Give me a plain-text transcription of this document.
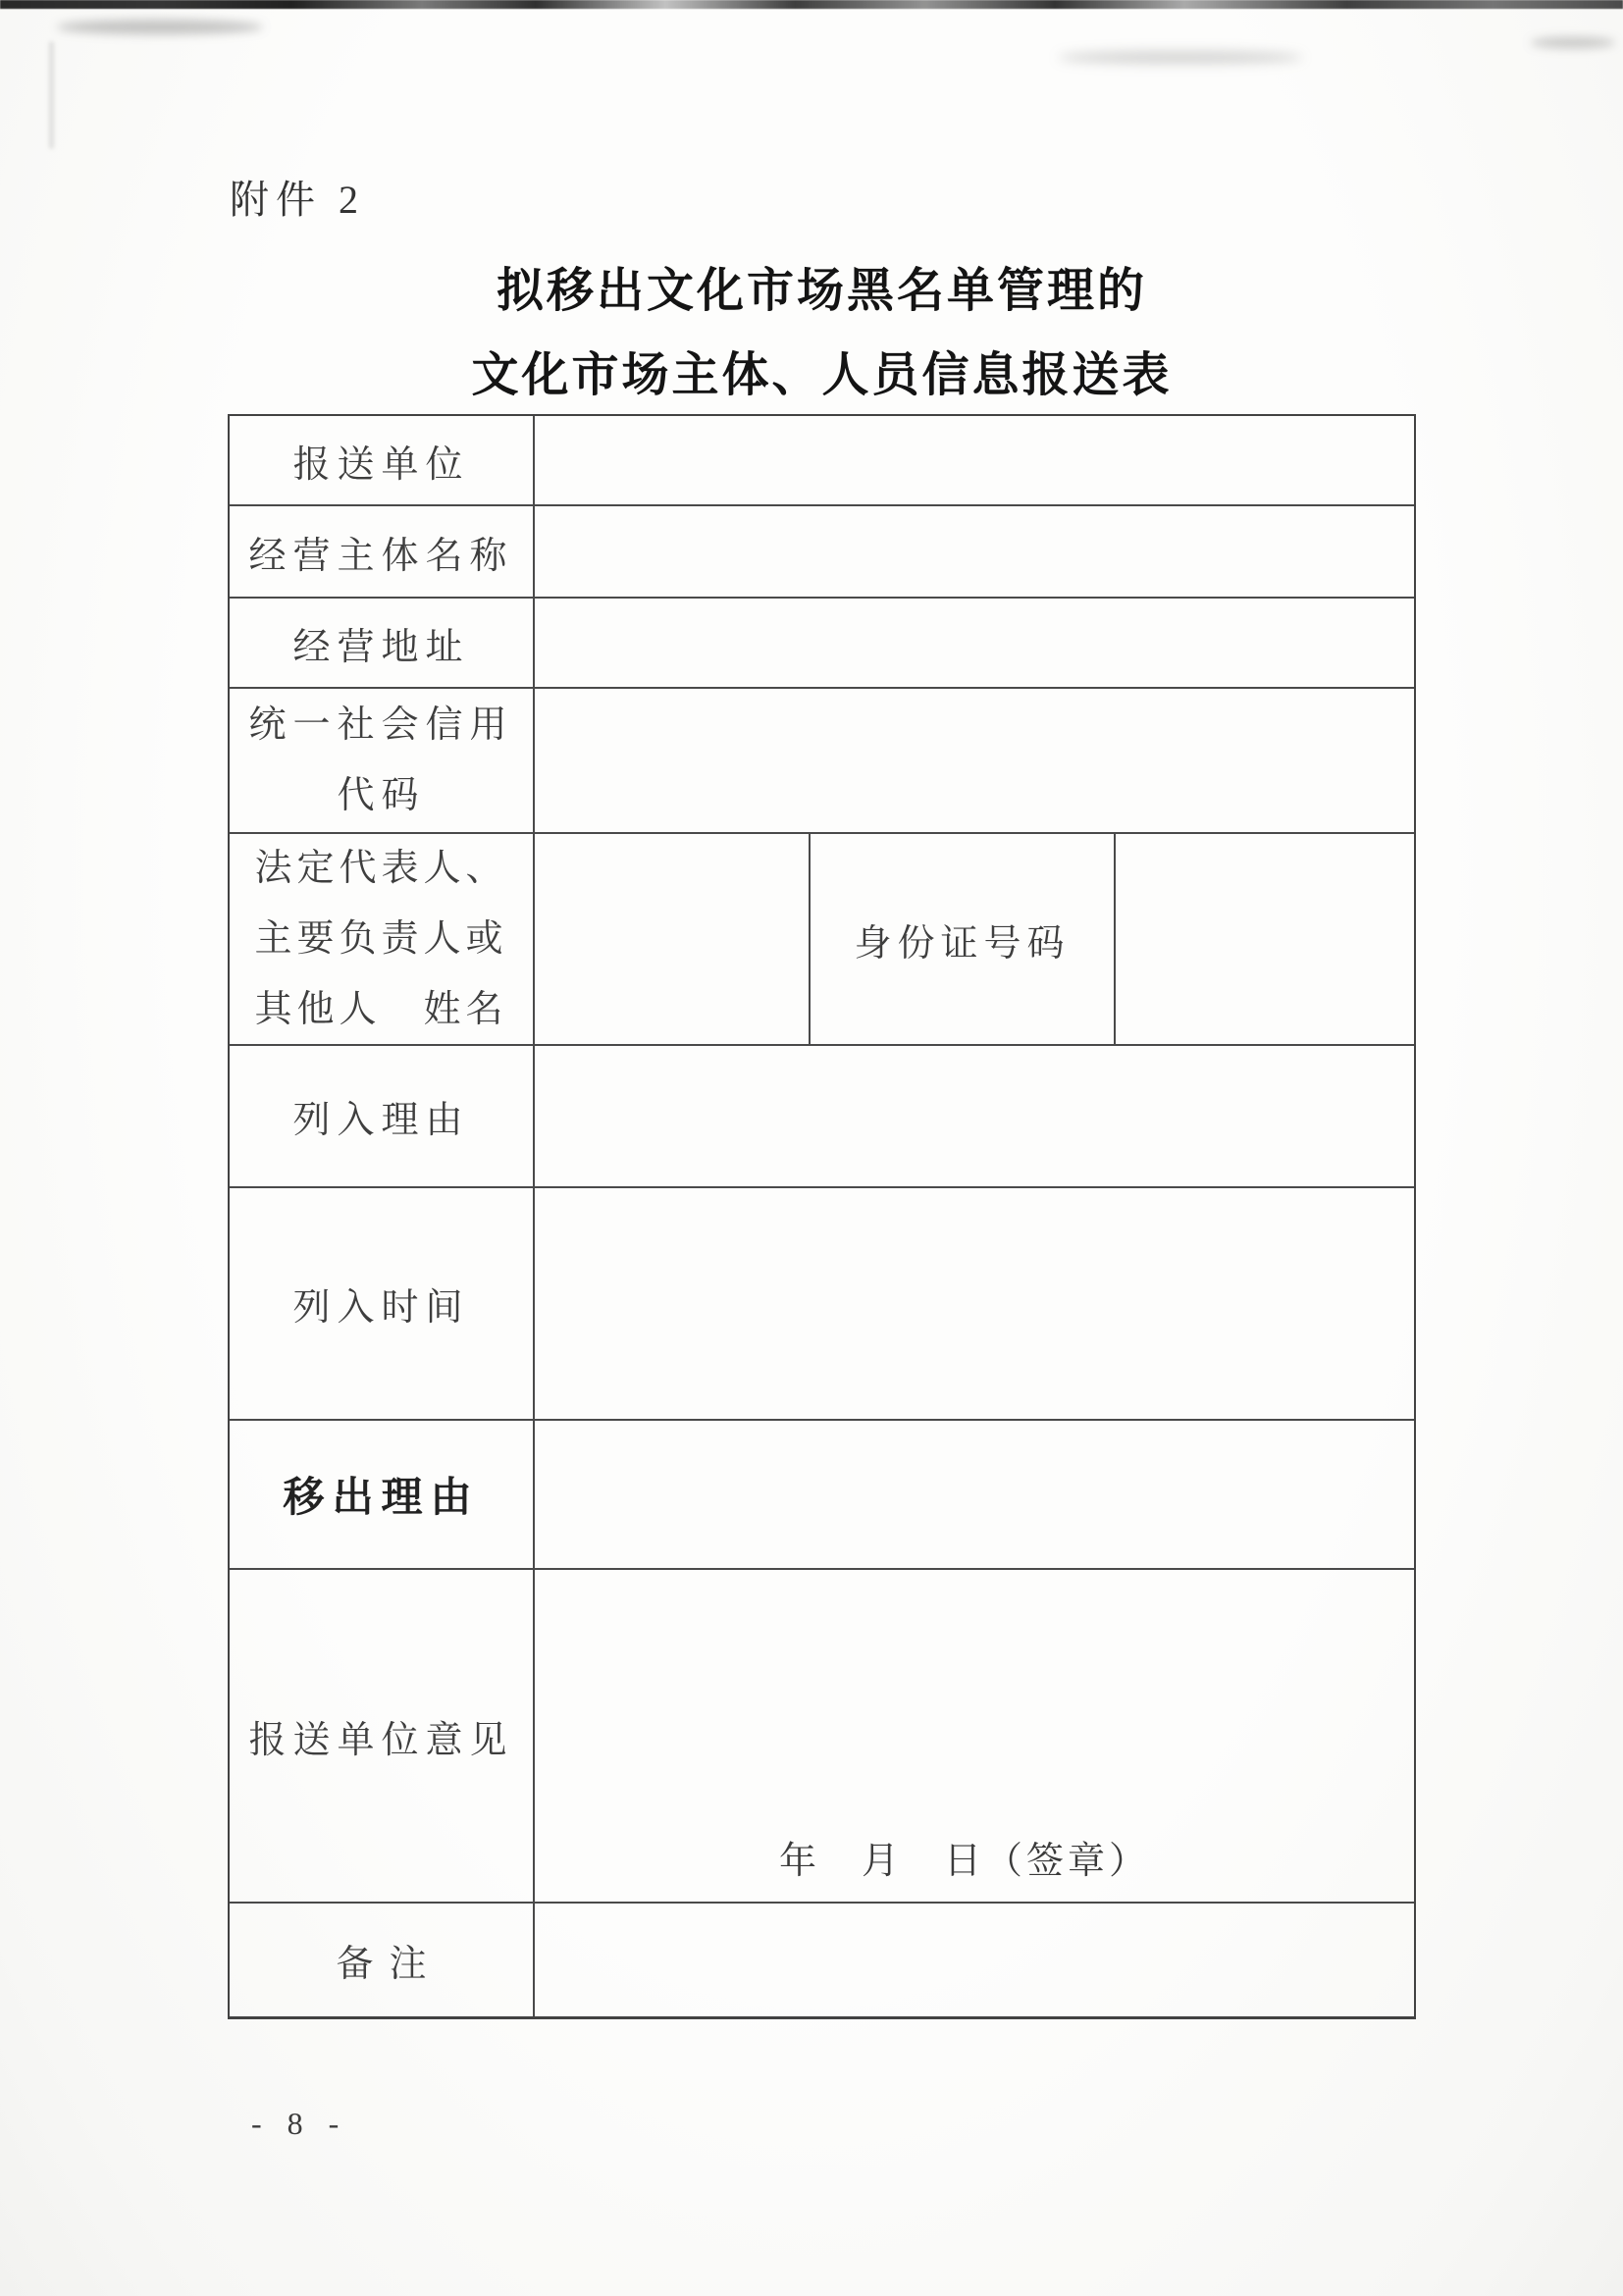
附件 2
拟移出文化市场黑名单管理的
文化市场主体、人员信息报送表
报送单位
经营主体名称
经营地址
统一社会信用
代码
法定代表人、
主要负责人或
其他人　姓名
身份证号码
列入理由
列入时间
移出理由
报送单位意见
年　月　日（签章）
备注
- 8 -
